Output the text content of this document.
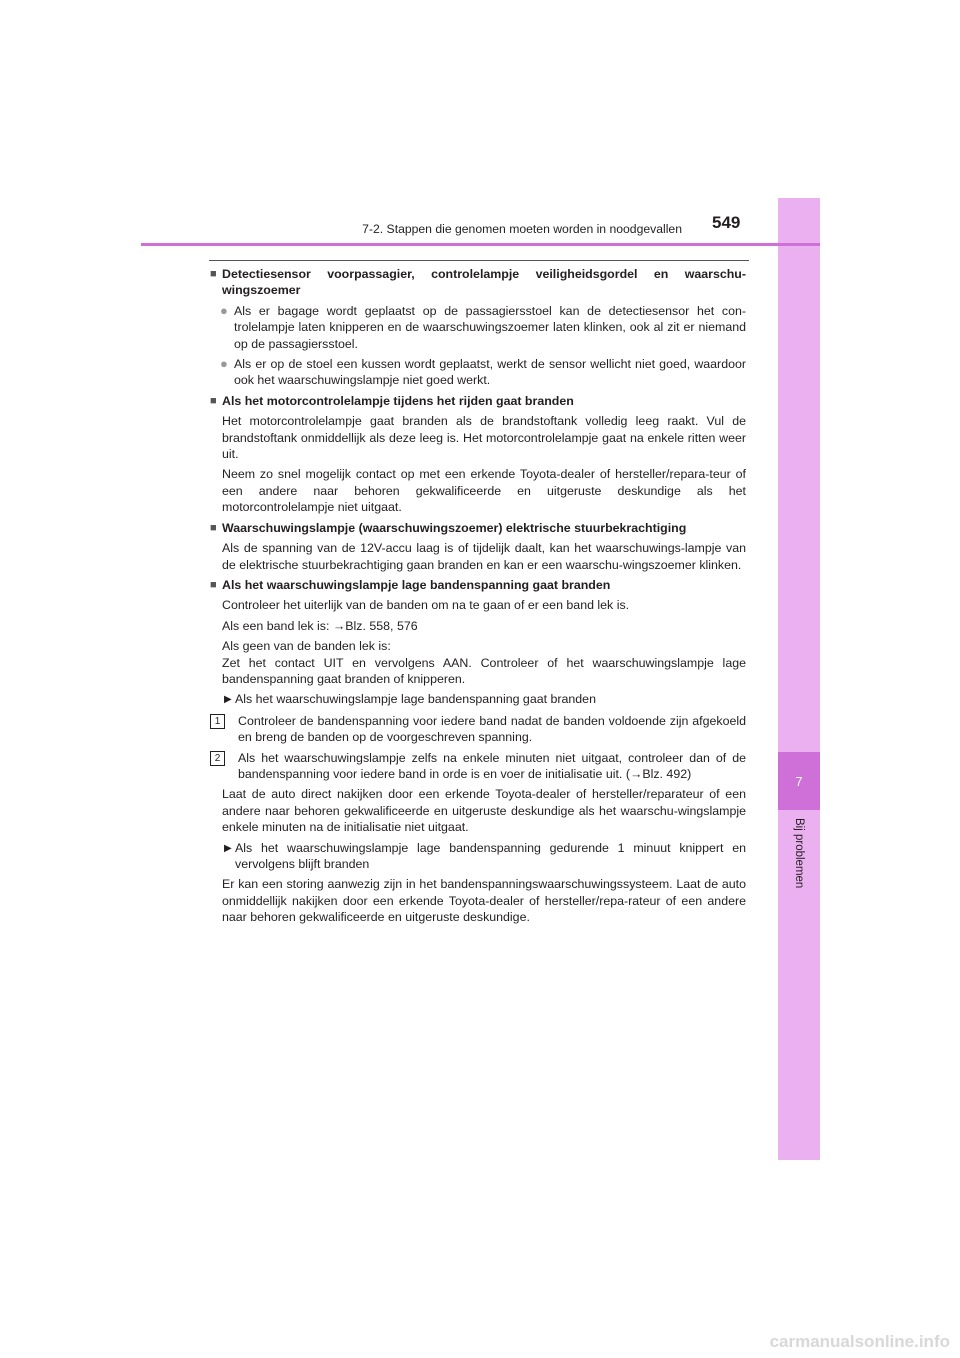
7
Bij problemen
7-2. Stappen die genomen moeten worden in noodgevallen 549
■ Detectiesensor voorpassagier, controlelampje veiligheidsgordel en waarschu-wingszoemer
● Als er bagage wordt geplaatst op de passagiersstoel kan de detectiesensor het con-trolelampje laten knipperen en de waarschuwingszoemer laten klinken, ook al zit er niemand op de passagiersstoel.
● Als er op de stoel een kussen wordt geplaatst, werkt de sensor wellicht niet goed, waardoor ook het waarschuwingslampje niet goed werkt.
■ Als het motorcontrolelampje tijdens het rijden gaat branden

Het motorcontrolelampje gaat branden als de brandstoftank volledig leeg raakt. Vul de brandstoftank onmiddellijk als deze leeg is. Het motorcontrolelampje gaat na enkele ritten weer uit.

Neem zo snel mogelijk contact op met een erkende Toyota-dealer of hersteller/repara-teur of een andere naar behoren gekwalificeerde en uitgeruste deskundige als het motorcontrolelampje niet uitgaat.

■ Waarschuwingslampje (waarschuwingszoemer) elektrische stuurbekrachtiging

Als de spanning van de 12V-accu laag is of tijdelijk daalt, kan het waarschuwings-lampje van de elektrische stuurbekrachtiging gaan branden en kan er een waarschu-wingszoemer klinken.

■ Als het waarschuwingslampje lage bandenspanning gaat branden

Controleer het uiterlijk van de banden om na te gaan of er een band lek is.

Als een band lek is: →Blz. 558, 576

Als geen van de banden lek is:
Zet het contact UIT en vervolgens AAN. Controleer of het waarschuwingslampje lage bandenspanning gaat branden of knipperen.
▶ Als het waarschuwingslampje lage bandenspanning gaat branden
1	Controleer de bandenspanning voor iedere band nadat de banden voldoende zijn afgekoeld en breng de banden op de voorgeschreven spanning.
2	Als het waarschuwingslampje zelfs na enkele minuten niet uitgaat, controleer dan of de bandenspanning voor iedere band in orde is en voer de initialisatie uit. (→Blz. 492)

Laat de auto direct nakijken door een erkende Toyota-dealer of hersteller/reparateur of een andere naar behoren gekwalificeerde en uitgeruste deskundige als het waarschu-wingslampje enkele minuten na de initialisatie niet uitgaat.

▶ Als het waarschuwingslampje lage bandenspanning gedurende 1 minuut knippert en vervolgens blijft branden

Er kan een storing aanwezig zijn in het bandenspanningswaarschuwingssysteem. Laat de auto onmiddellijk nakijken door een erkende Toyota-dealer of hersteller/repa-rateur of een andere naar behoren gekwalificeerde en uitgeruste deskundige.

carmanualsonline.info
